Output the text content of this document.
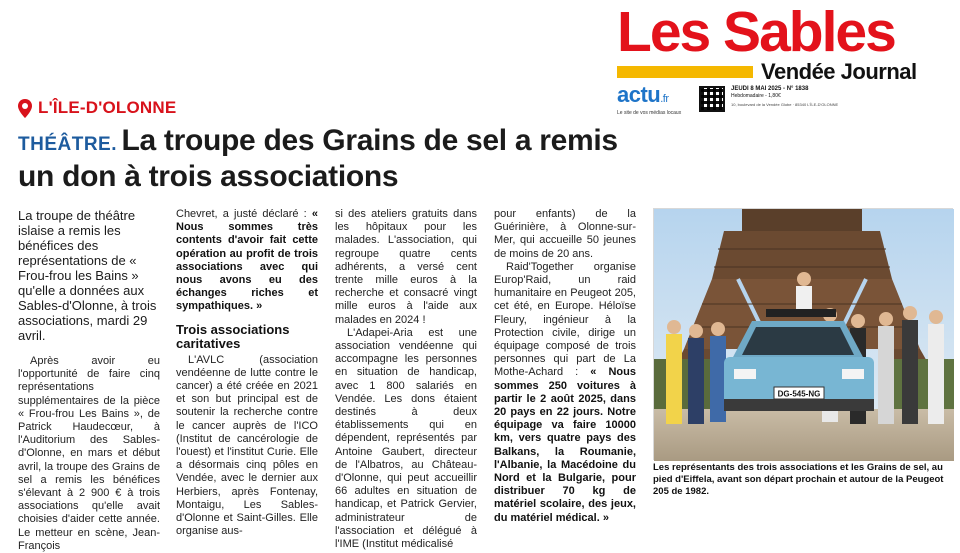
Les Sables
Vendée Journal
actu.fr
Le site de vos médias locaux
JEUDI 8 MAI 2025 - N° 1838
Hebdomadaire - 1,80€
10, boulevard de la Vendée Globe · 85340 L'ÎLE-D'OLONNE
L'ÎLE-D'OLONNE
THÉÂTRE. La troupe des Grains de sel a remis un don à trois associations

La troupe de théâtre islaise a remis les bénéfices des représentations de « Frou-frou les Bains » qu'elle a données aux Sables-d'Olonne, à trois associations, mardi 29 avril.

Après avoir eu l'opportunité de faire cinq représentations supplémentaires de la pièce « Frou-frou Les Bains », de Patrick Haudecœur, à l'Auditorium des Sables-d'Olonne, en mars et début avril, la troupe des Grains de sel a remis les bénéfices s'élevant à 2 900 € à trois associations qu'elle avait choisies d'aider cette année. Le metteur en scène, Jean-François

Chevret, a justé déclaré : « Nous sommes très contents d'avoir fait cette opération au profit de trois associations avec qui nous avons eu des échanges riches et sympathiques. »

Trois associations caritatives

L'AVLC (association vendéenne de lutte contre le cancer) a été créée en 2021 et son but principal est de soutenir la recherche contre le cancer auprès de l'ICO (Institut de cancérologie de l'ouest) et l'institut Curie. Elle a désormais cinq pôles en Vendée, avec le dernier aux Herbiers, après Fontenay, Montaigu, Les Sables-d'Olonne et Saint-Gilles. Elle organise aus-

si des ateliers gratuits dans les hôpitaux pour les malades. L'association, qui regroupe quatre cents adhérents, a versé cent trente mille euros à la recherche et consacré vingt mille euros à l'aide aux malades en 2024 !

L'Adapei-Aria est une association vendéenne qui accompagne les personnes en situation de handicap, avec 1 800 salariés en Vendée. Les dons étaient destinés à deux établissements qui en dépendent, représentés par Antoine Gaubert, directeur de l'Albatros, au Château-d'Olonne, qui peut accueillir 66 adultes en situation de handicap, et Patrick Gervier, administrateur de l'association et délégué à l'IME (Institut médicalisé

pour enfants) de la Guérinière, à Olonne-sur-Mer, qui accueille 50 jeunes de moins de 20 ans.

Raid'Together organise Europ'Raid, un raid humanitaire en Peugeot 205, cet été, en Europe. Héloïse Fleury, ingénieur à la Protection civile, dirige un équipage composé de trois personnes qui part de La Mothe-Achard : « Nous sommes 250 voitures à partir le 2 août 2025, dans 20 pays en 22 jours. Notre équipage va faire 10000 km, vers quatre pays des Balkans, la Roumanie, l'Albanie, la Macédoine du Nord et la Bulgarie, pour distribuer 70 kg de matériel scolaire, des jeux, du matériel médical. »

DG-545-NG
Les représentants des trois associations et les Grains de sel, au pied d'Eiffela, avant son départ prochain et autour de la Peugeot 205 de 1982.
